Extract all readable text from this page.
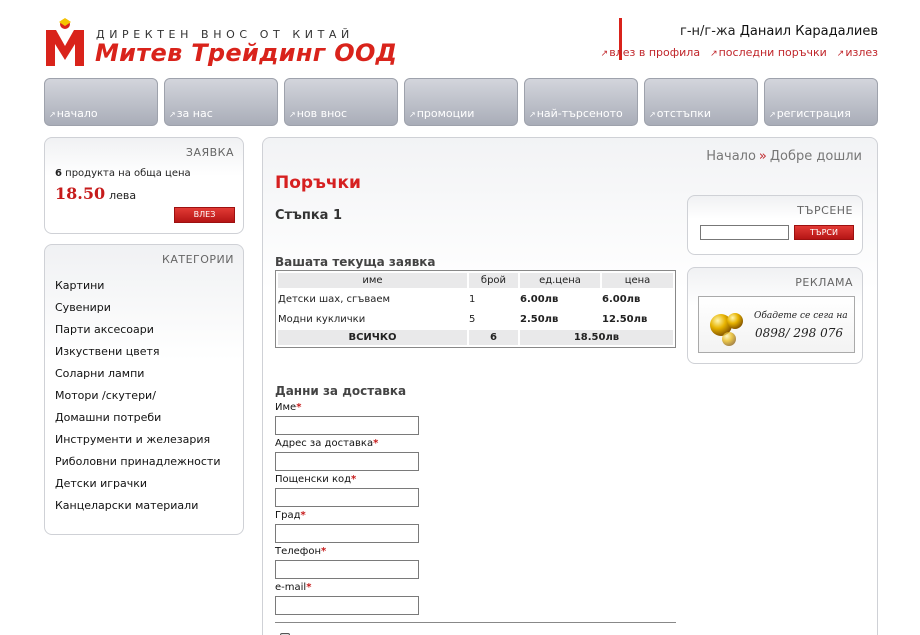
ДИРЕКТЕН ВНОС ОТ КИТАЙ
Митев Трейдинг ООД
г-н/г-жа Данаил Карадалиев
↗ влез в профила	↗ последни поръчки	↗ излез
↗ начало	↗ за нас	↗ нов внос	↗ промоции	↗ най-търсеното	↗ отстъпки	↗ регистрация
ЗАЯВКА
6 продукта на обща цена
18.50 лева
ВЛЕЗ
КАТЕГОРИИ
Картини
Сувенири
Парти аксесоари
Изкуствени цветя
Соларни лампи
Мотори /скутери/
Домашни потреби
Инструменти и железария
Риболовни принадлежности
Детски играчки
Канцеларски материали
Начало » Добре дошли
Поръчки
Стъпка 1
Вашата текуща заявка
име	брой	ед.цена	цена
Детски шах, сгъваем	1	6.00лв	6.00лв
Модни куклички	5	2.50лв	12.50лв
ВСИЧКО	6	18.50лв	
Данни за доставка
Име*
Адрес за доставка*
Пощенски код*
Град*
Телефон*
e-mail*
ТЪРСЕНЕ
ТЪРСИ
РЕКЛАМА
Обадете се сега на
0898/ 298 076
